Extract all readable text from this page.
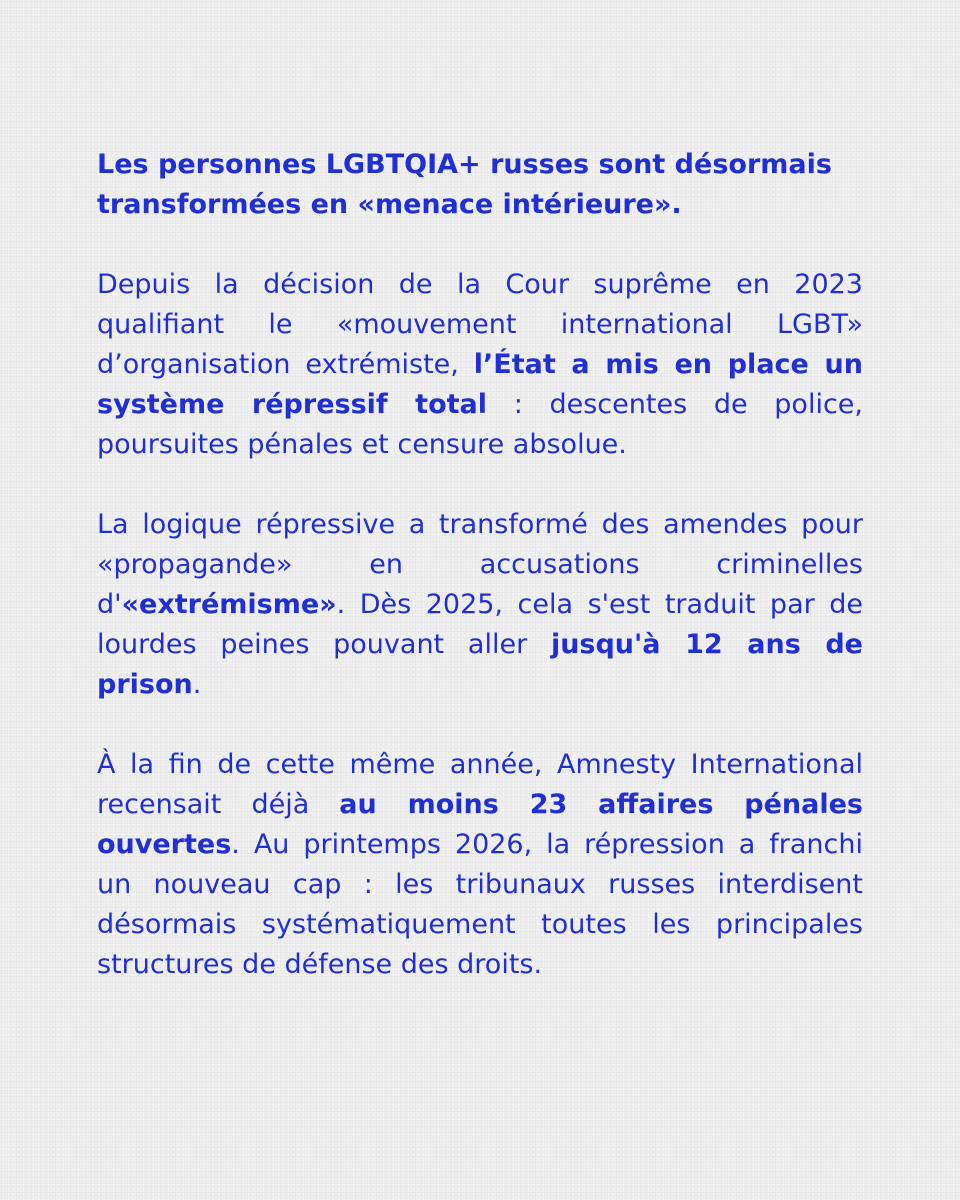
Les personnes LGBTQIA+ russes sont désormais transformées en «menace intérieure».

Depuis la décision de la Cour suprême en 2023 qualifiant le «mouvement international LGBT» d’organisation extrémiste, l’État a mis en place un système répressif total : descentes de police, poursuites pénales et censure absolue.

La logique répressive a transformé des amendes pour «propagande» en accusations criminelles d'«extrémisme». Dès 2025, cela s'est traduit par de lourdes peines pouvant aller jusqu'à 12 ans de prison.

À la fin de cette même année, Amnesty International recensait déjà au moins 23 affaires pénales ouvertes. Au printemps 2026, la répression a franchi un nouveau cap : les tribunaux russes interdisent désormais systématiquement toutes les principales structures de défense des droits.
